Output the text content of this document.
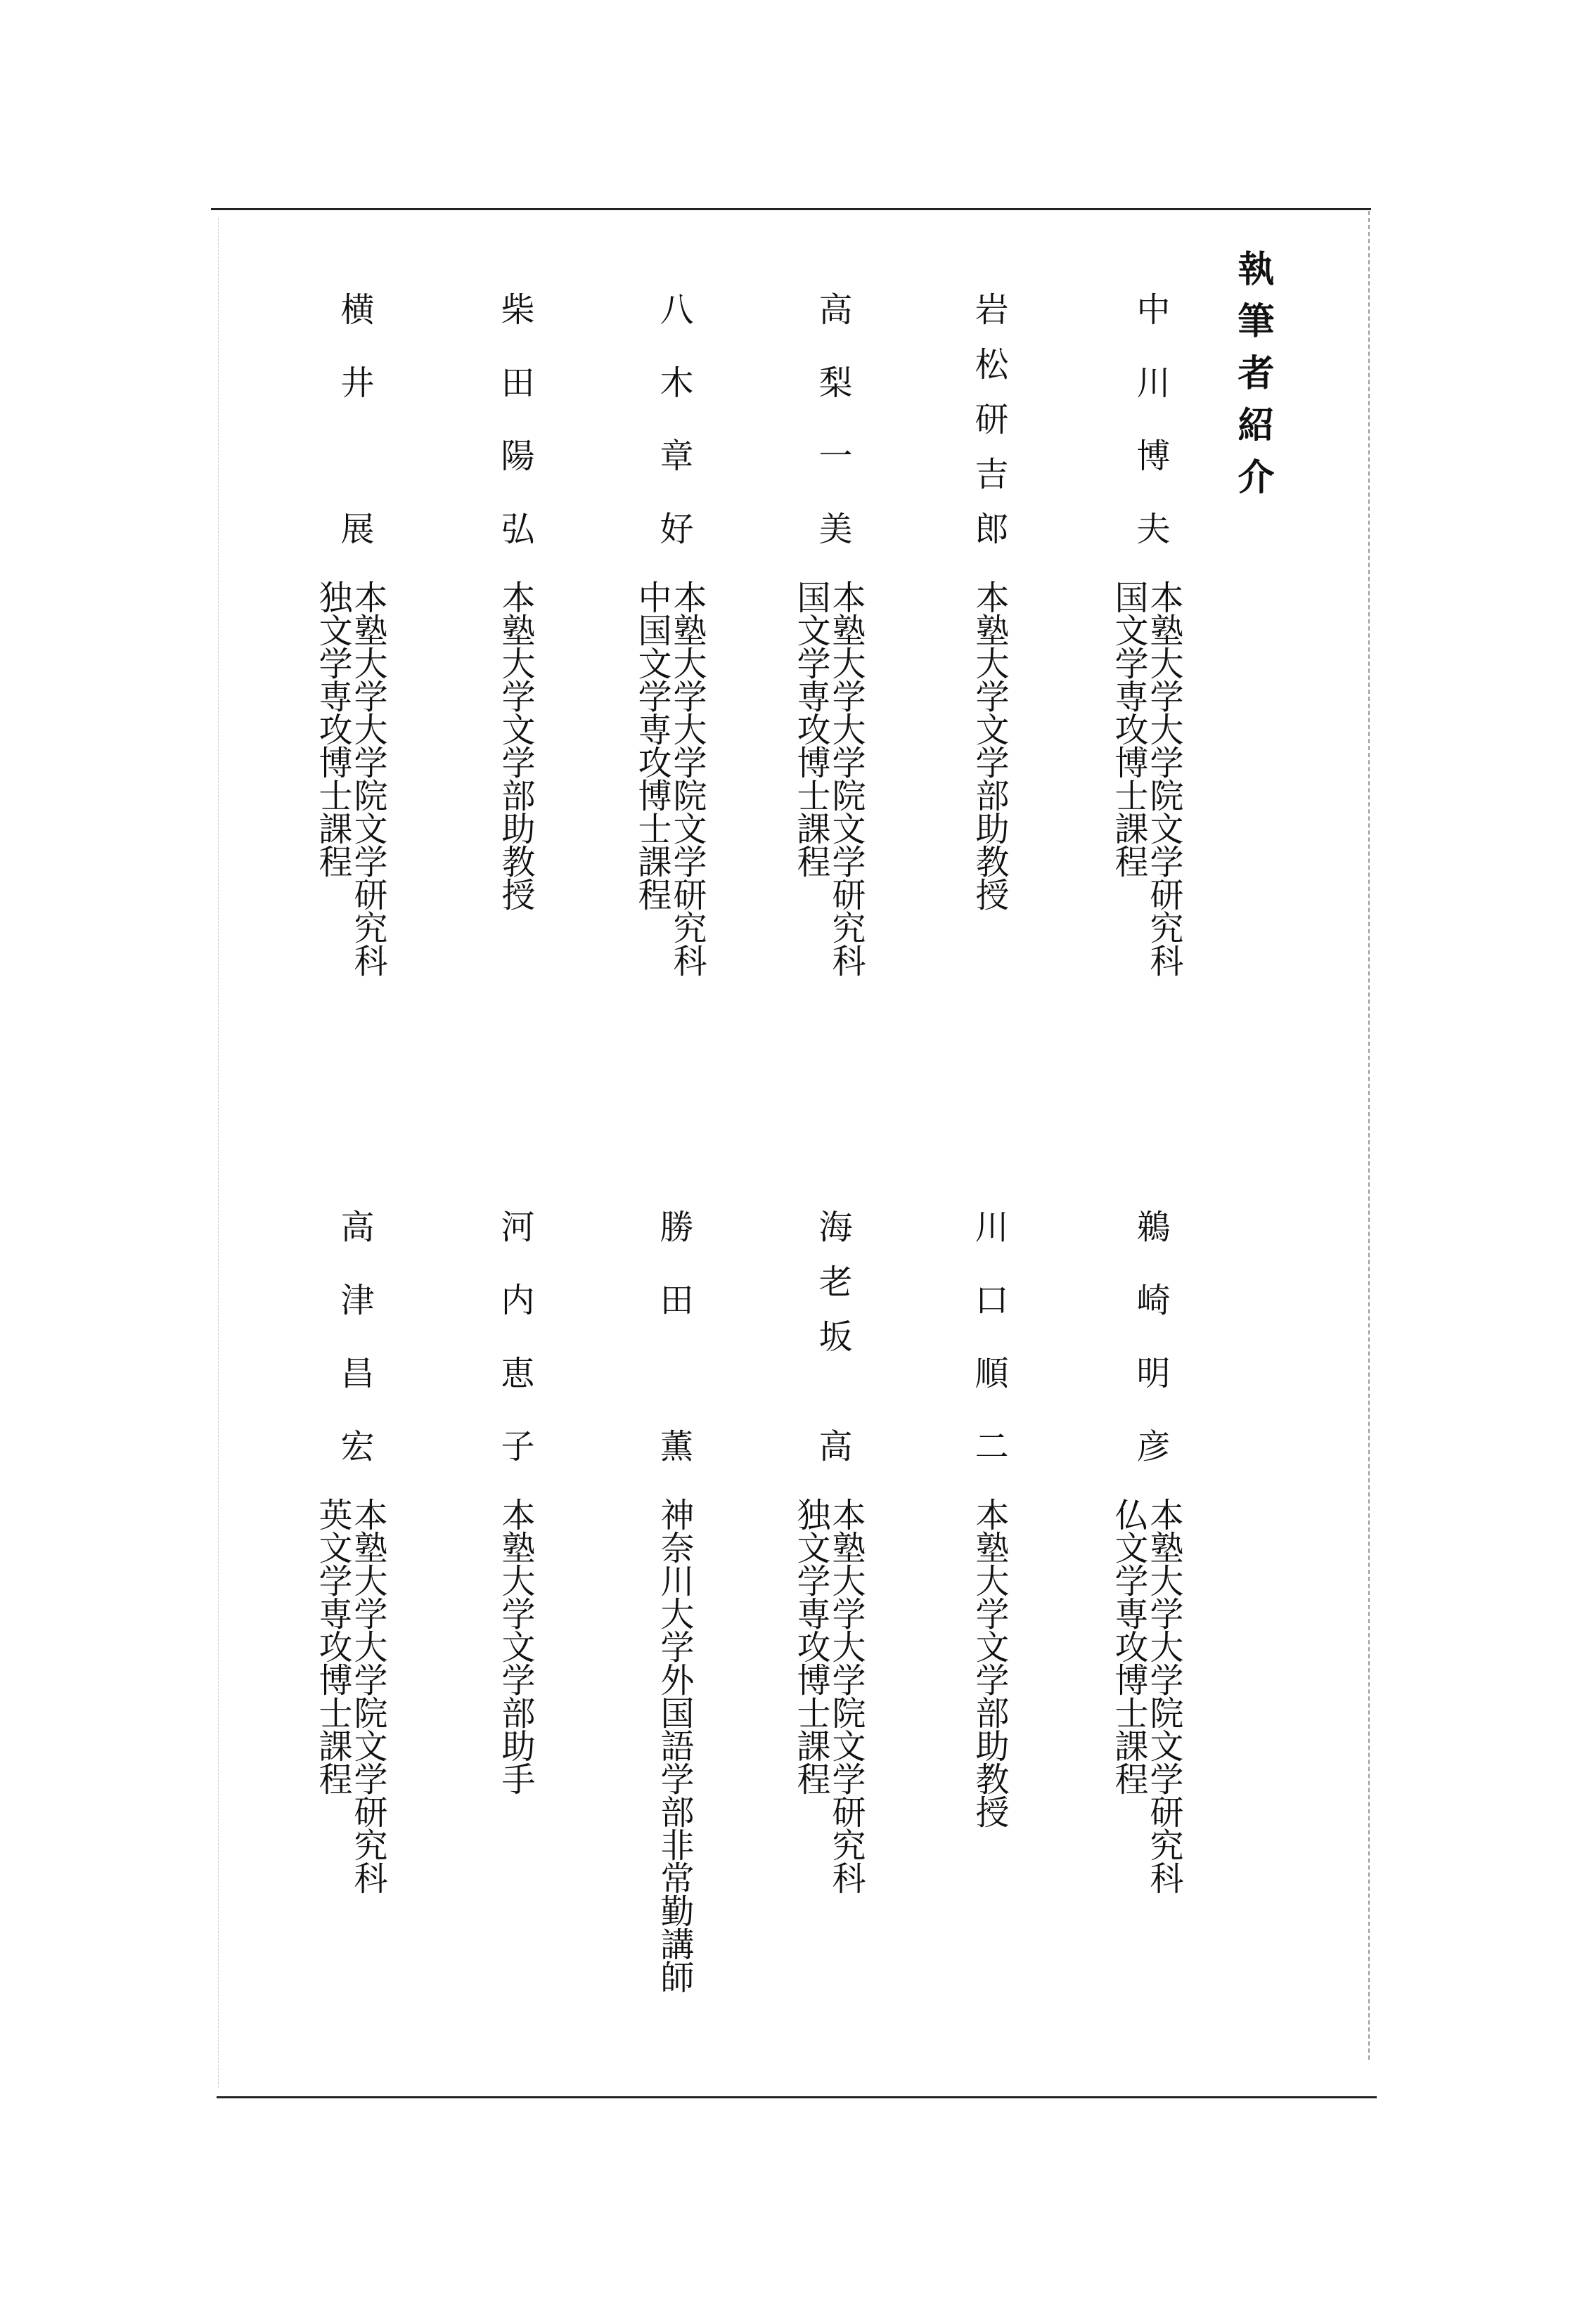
執筆者紹介
中川博夫
本塾大学大学院文学研究科
国文学専攻博士課程
岩松研吉郎
本塾大学文学部助教授
高梨一美
本塾大学大学院文学研究科
国文学専攻博士課程
八木章好
本塾大学大学院文学研究科
中国文学専攻博士課程
柴田陽弘
本塾大学文学部助教授
横井　展
本塾大学大学院文学研究科
独文学専攻博士課程
鵜崎明彦
本塾大学大学院文学研究科
仏文学専攻博士課程
川口順二
本塾大学文学部助教授
海老坂　高
本塾大学大学院文学研究科
独文学専攻博士課程
勝田　薫
神奈川大学外国語学部非常勤講師
河内恵子
本塾大学文学部助手
高津昌宏
本塾大学大学院文学研究科
英文学専攻博士課程
